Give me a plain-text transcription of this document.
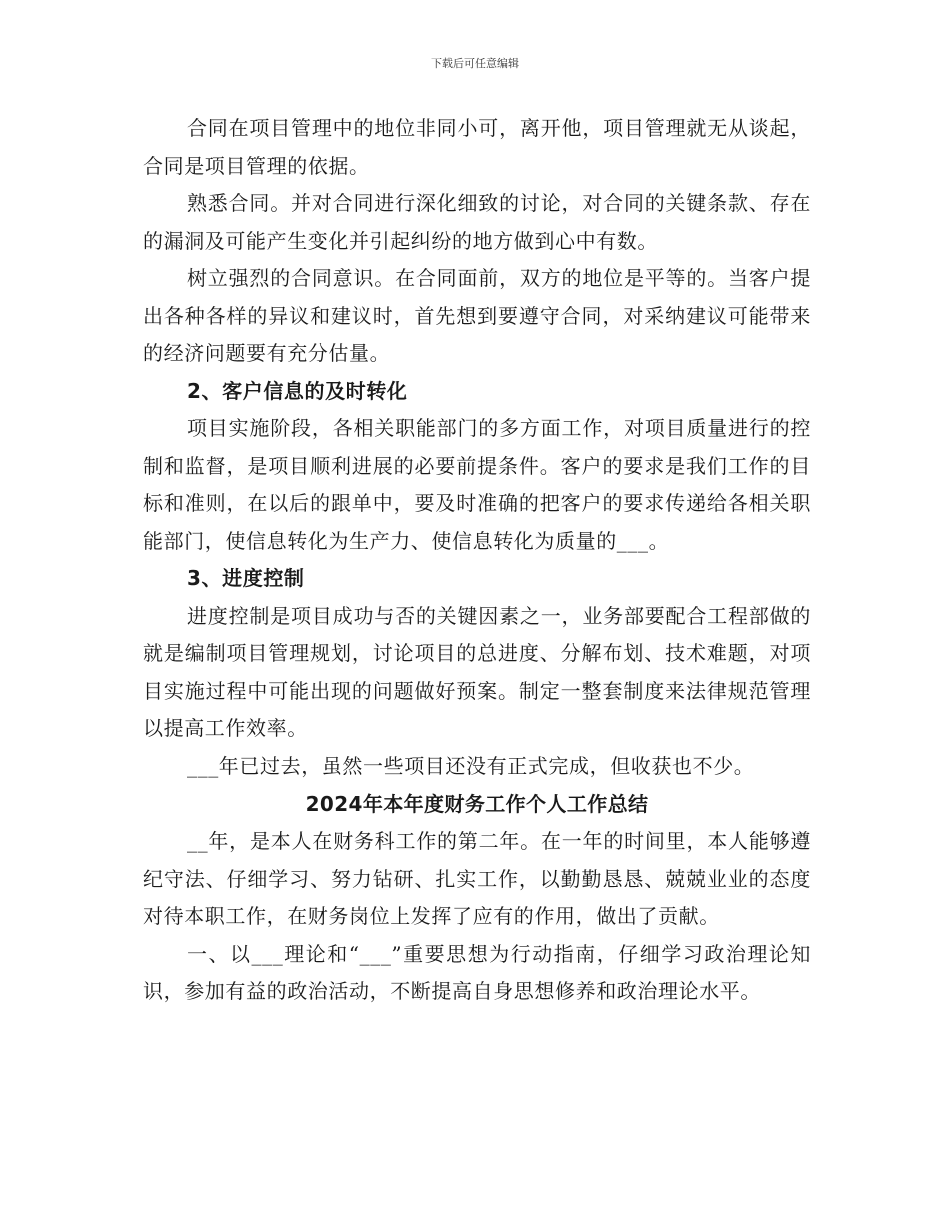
下载后可任意编辑

合同在项目管理中的地位非同小可，离开他，项目管理就无从谈起，合同是项目管理的依据。

熟悉合同。并对合同进行深化细致的讨论，对合同的关键条款、存在的漏洞及可能产生变化并引起纠纷的地方做到心中有数。

树立强烈的合同意识。在合同面前，双方的地位是平等的。当客户提出各种各样的异议和建议时，首先想到要遵守合同，对采纳建议可能带来的经济问题要有充分估量。

2、客户信息的及时转化

项目实施阶段，各相关职能部门的多方面工作，对项目质量进行的控制和监督，是项目顺利进展的必要前提条件。客户的要求是我们工作的目标和准则，在以后的跟单中，要及时准确的把客户的要求传递给各相关职能部门，使信息转化为生产力、使信息转化为质量的___。

3、进度控制

进度控制是项目成功与否的关键因素之一，业务部要配合工程部做的就是编制项目管理规划，讨论项目的总进度、分解布划、技术难题，对项目实施过程中可能出现的问题做好预案。制定一整套制度来法律规范管理以提高工作效率。

___年已过去，虽然一些项目还没有正式完成，但收获也不少。

2024年本年度财务工作个人工作总结

__年，是本人在财务科工作的第二年。在一年的时间里，本人能够遵纪守法、仔细学习、努力钻研、扎实工作，以勤勤恳恳、兢兢业业的态度对待本职工作，在财务岗位上发挥了应有的作用，做出了贡献。

一、以___理论和“___”重要思想为行动指南，仔细学习政治理论知识，参加有益的政治活动，不断提高自身思想修养和政治理论水平。
